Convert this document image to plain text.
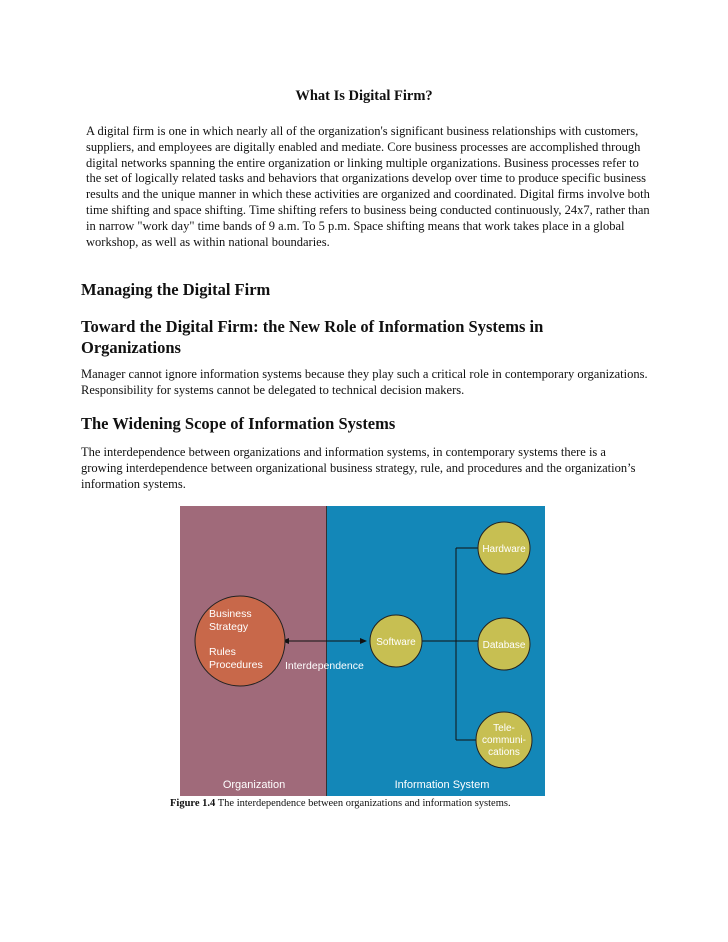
What Is Digital Firm?

A digital firm is one in which nearly all of the organization's significant business relationships with customers, suppliers, and employees are digitally enabled and mediate. Core business processes are accomplished through digital networks spanning the entire organization or linking multiple organizations. Business processes refer to the set of logically related tasks and behaviors that organizations develop over time to produce specific business results and the unique manner in which these activities are organized and coordinated. Digital firms involve both time shifting and space shifting. Time shifting refers to business being conducted continuously, 24x7, rather than in narrow "work day" time bands of 9 a.m. To 5 p.m. Space shifting means that work takes place in a global workshop, as well as within national boundaries.

Managing the Digital Firm
Toward the Digital Firm: the New Role of Information Systems in Organizations

Manager cannot ignore information systems because they play such a critical role in contemporary organizations. Responsibility for systems cannot be delegated to technical decision makers.

The Widening Scope of Information Systems

The interdependence between organizations and information systems, in contemporary systems there is a growing interdependence between organizational business strategy, rule, and procedures and the organization’s information systems.

Business
Strategy
Rules
Procedures Interdependence
Software
Hardware
Database
Tele-
communi-
cations
Organization	Information System
Figure 1.4 The interdependence between organizations and information systems.
